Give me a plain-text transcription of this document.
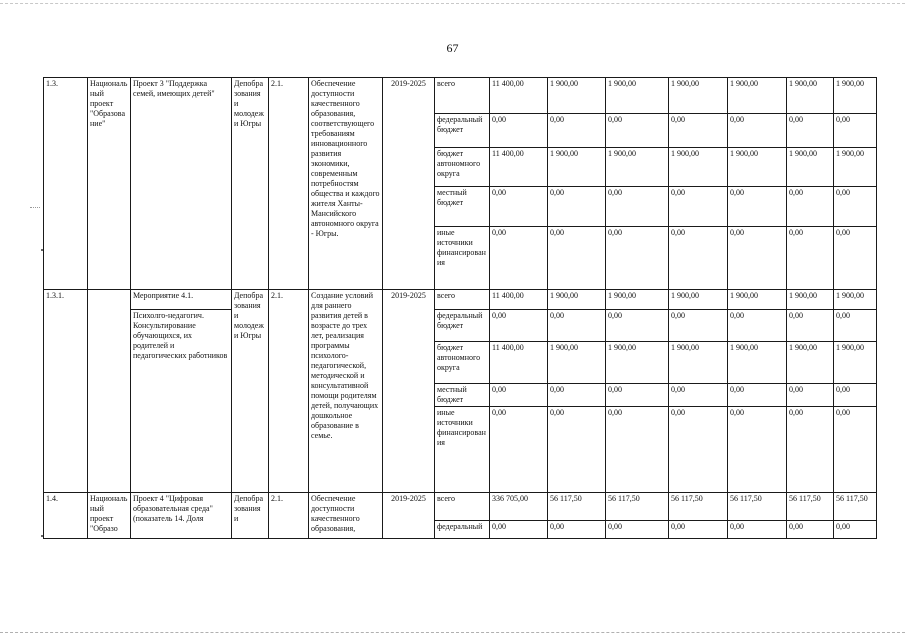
67
1.3.	Национальный проект "Образование"	Проект 3 "Поддержка семей, имеющих детей"	Депобразования и молодежи Югры	2.1.	Обеспечение доступности качественного образования, соответствующего требованиям инновационного развития экономики, современным потребностям общества и каждого жителя Ханты-Мансийского автономного округа - Югры.	2019-2025	всего	11 400,00	1 900,00	1 900,00	1 900,00	1 900,00	1 900,00	1 900,00
							федеральный бюджет	0,00	0,00	0,00	0,00	0,00	0,00	0,00
							бюджет автономного округа	11 400,00	1 900,00	1 900,00	1 900,00	1 900,00	1 900,00	1 900,00
							местный бюджет	0,00	0,00	0,00	0,00	0,00	0,00	0,00
							иные источники финансирования	0,00	0,00	0,00	0,00	0,00	0,00	0,00
1.3.1.		Мероприятие 4.1.	Депобразования и молодежи Югры	2.1.	Создание условий для раннего развития детей в возрасте до трех лет, реализация программы психолого-педагогической, методической и консультативной помощи родителям детей, получающих дошкольное образование в семье.	2019-2025	всего	11 400,00	1 900,00	1 900,00	1 900,00	1 900,00	1 900,00	1 900,00
		Психолго-недагогич. Консультирование обучающихся, их родителей и педагогических работников					федеральный бюджет	0,00	0,00	0,00	0,00	0,00	0,00	0,00
							бюджет автономного округа	11 400,00	1 900,00	1 900,00	1 900,00	1 900,00	1 900,00	1 900,00
							местный бюджет	0,00	0,00	0,00	0,00	0,00	0,00	0,00
							иные источники финансирования	0,00	0,00	0,00	0,00	0,00	0,00	0,00
1.4.	Национальный проект "Образо	Проект 4 "Цифровая образовательная среда" (показатель 14. Доля	Депобразования и	2.1.	Обеспечение доступности качественного образования,	2019-2025	всего	336 705,00	56 117,50	56 117,50	56 117,50	56 117,50	56 117,50	56 117,50
							федеральный	0,00	0,00	0,00	0,00	0,00	0,00	0,00
